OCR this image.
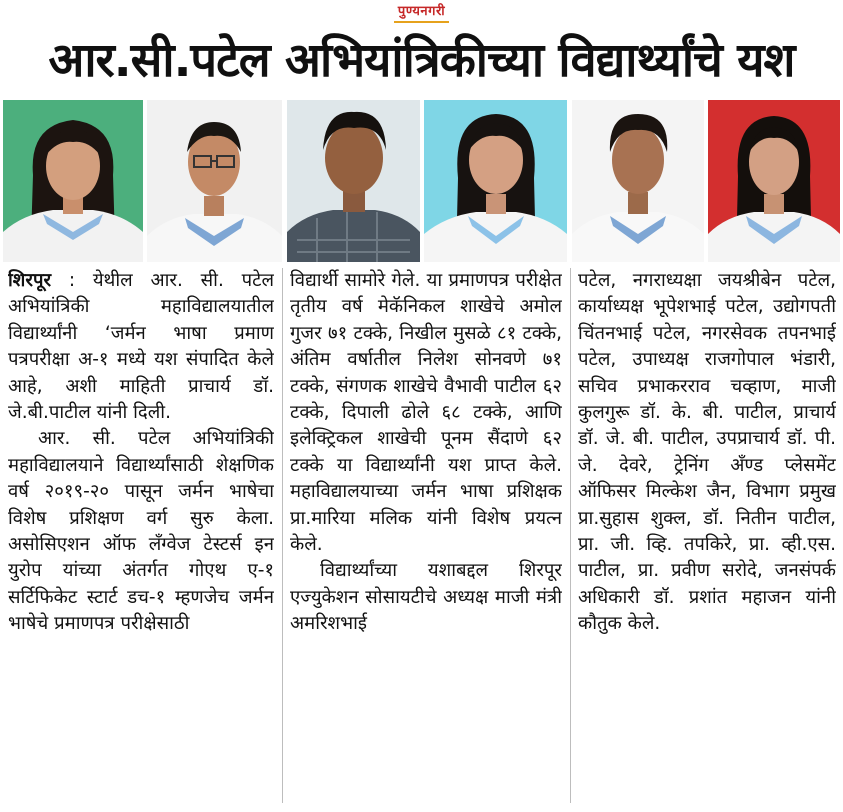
पुण्यनगरी
आर.सी.पटेल अभियांत्रिकीच्या विद्यार्थ्यांचे यश

शिरपूर : येथील आर. सी. पटेल अभियांत्रिकी महाविद्यालयातील विद्यार्थ्यांनी ‘जर्मन भाषा प्रमाण पत्रपरीक्षा अ-१ मध्ये यश संपादित केले आहे, अशी माहिती प्राचार्य डॉ. जे.बी.पाटील यांनी दिली.

आर. सी. पटेल अभियांत्रिकी महाविद्यालयाने विद्यार्थ्यांसाठी शेक्षणिक वर्ष २०१९-२० पासून जर्मन भाषेचा विशेष प्रशिक्षण वर्ग सुरु केला. असोसिएशन ऑफ लँग्वेज टेस्टर्स इन युरोप यांच्या अंतर्गत गोएथ ए-१ सर्टिफिकेट स्टार्ट डच-१ म्हणजेच जर्मन भाषेचे प्रमाणपत्र परीक्षेसाठी

विद्यार्थी सामोरे गेले. या प्रमाणपत्र परीक्षेत तृतीय वर्ष मेकॅनिकल शाखेचे अमोल गुजर ७१ टक्के, निखील मुसळे ८१ टक्के, अंतिम वर्षातील निलेश सोनवणे ७१ टक्के, संगणक शाखेचे वैभावी पाटील ६२ टक्के, दिपाली ढोले ६८ टक्के, आणि इलेक्ट्रिकल शाखेची पूनम सैंदाणे ६२ टक्के या विद्यार्थ्यांनी यश प्राप्त केले. महाविद्यालयाच्या जर्मन भाषा प्रशिक्षक प्रा.मारिया मलिक यांनी विशेष प्रयत्न केले.

विद्यार्थ्यांच्या यशाबद्दल शिरपूर एज्युकेशन सोसायटीचे अध्यक्ष माजी मंत्री अमरिशभाई

पटेल, नगराध्यक्षा जयश्रीबेन पटेल, कार्याध्यक्ष भूपेशभाई पटेल, उद्योगपती चिंतनभाई पटेल, नगरसेवक तपनभाई पटेल, उपाध्यक्ष राजगोपाल भंडारी, सचिव प्रभाकरराव चव्हाण, माजी कुलगुरू डॉ. के. बी. पाटील, प्राचार्य डॉ. जे. बी. पाटील, उपप्राचार्य डॉ. पी. जे. देवरे, ट्रेनिंग अँण्ड प्लेसमेंट ऑफिसर मिल्केश जैन, विभाग प्रमुख प्रा.सुहास शुक्ल, डॉ. नितीन पाटील, प्रा. जी. व्हि. तपकिरे, प्रा. व्ही.एस. पाटील, प्रा. प्रवीण सरोदे, जनसंपर्क अधिकारी डॉ. प्रशांत महाजन यांनी कौतुक केले.
